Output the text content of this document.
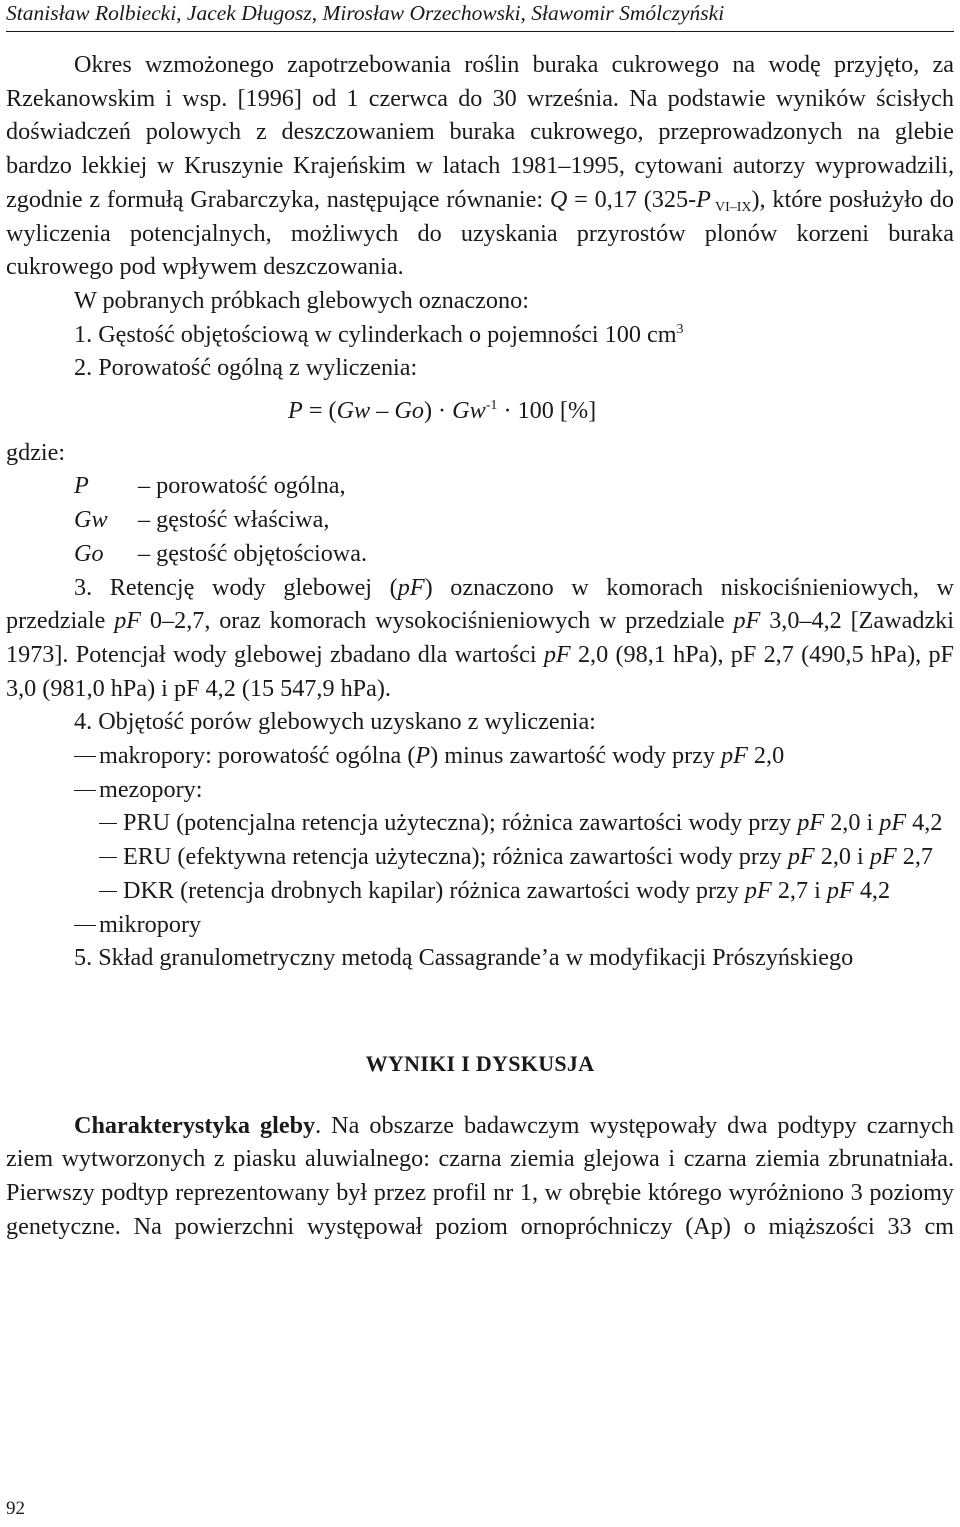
Stanisław Rolbiecki, Jacek Długosz, Mirosław Orzechowski, Sławomir Smólczyński

Okres wzmożonego zapotrzebowania roślin buraka cukrowego na wodę przyjęto, za Rzekanowskim i wsp. [1996] od 1 czerwca do 30 września. Na podstawie wyników ścisłych doświadczeń polowych z deszczowaniem buraka cukrowego, przeprowadzonych na glebie bardzo lekkiej w Kruszynie Krajeńskim w latach 1981–1995, cytowani autorzy wyprowadzili, zgodnie z formułą Grabarczyka, następujące równanie: Q = 0,17 (325-P $_{VI-IX}$), które posłużyło do wyliczenia potencjalnych, możliwych do uzyskania przyrostów plonów korzeni buraka cukrowego pod wpływem deszczowania.

W pobranych próbkach glebowych oznaczono:

1. Gęstość objętościową w cylinderkach o pojemności 100 $cm^3$

2. Porowatość ogólną z wyliczenia:

$P = (Gw - Go) \cdot Gw^{-1} \cdot 100$ [%]

gdzie:

P	– porowatość ogólna,
Gw	– gęstość właściwa,
Go	– gęstość objętościowa.

3. Retencję wody glebowej (pF) oznaczono w komorach niskociśnieniowych, w przedziale pF 0–2,7, oraz komorach wysokociśnieniowych w przedziale pF 3,0–4,2 [Zawadzki 1973]. Potencjał wody glebowej zbadano dla wartości pF 2,0 (98,1 hPa), pF 2,7 (490,5 hPa), pF 3,0 (981,0 hPa) i pF 4,2 (15 547,9 hPa).

4. Objętość porów glebowych uzyskano z wyliczenia:

makropory: porowatość ogólna (P) minus zawartość wody przy pF 2,0
mezopory:
PRU (potencjalna retencja użyteczna); różnica zawartości wody przy pF 2,0 i pF 4,2
ERU (efektywna retencja użyteczna); różnica zawartości wody przy pF 2,0 i pF 2,7
DKR (retencja drobnych kapilar) różnica zawartości wody przy pF 2,7 i pF 4,2
mikropory

5. Skład granulometryczny metodą Cassagrande’a w modyfikacji Prószyńskiego

WYNIKI I DYSKUSJA

Charakterystyka gleby. Na obszarze badawczym występowały dwa podtypy czarnych ziem wytworzonych z piasku aluwialnego: czarna ziemia glejowa i czarna ziemia zbrunatniała. Pierwszy podtyp reprezentowany był przez profil nr 1, w obrębie którego wyróżniono 3 poziomy genetyczne. Na powierzchni występował poziom ornopróchniczy (Ap) o miąższości 33 cm

92
